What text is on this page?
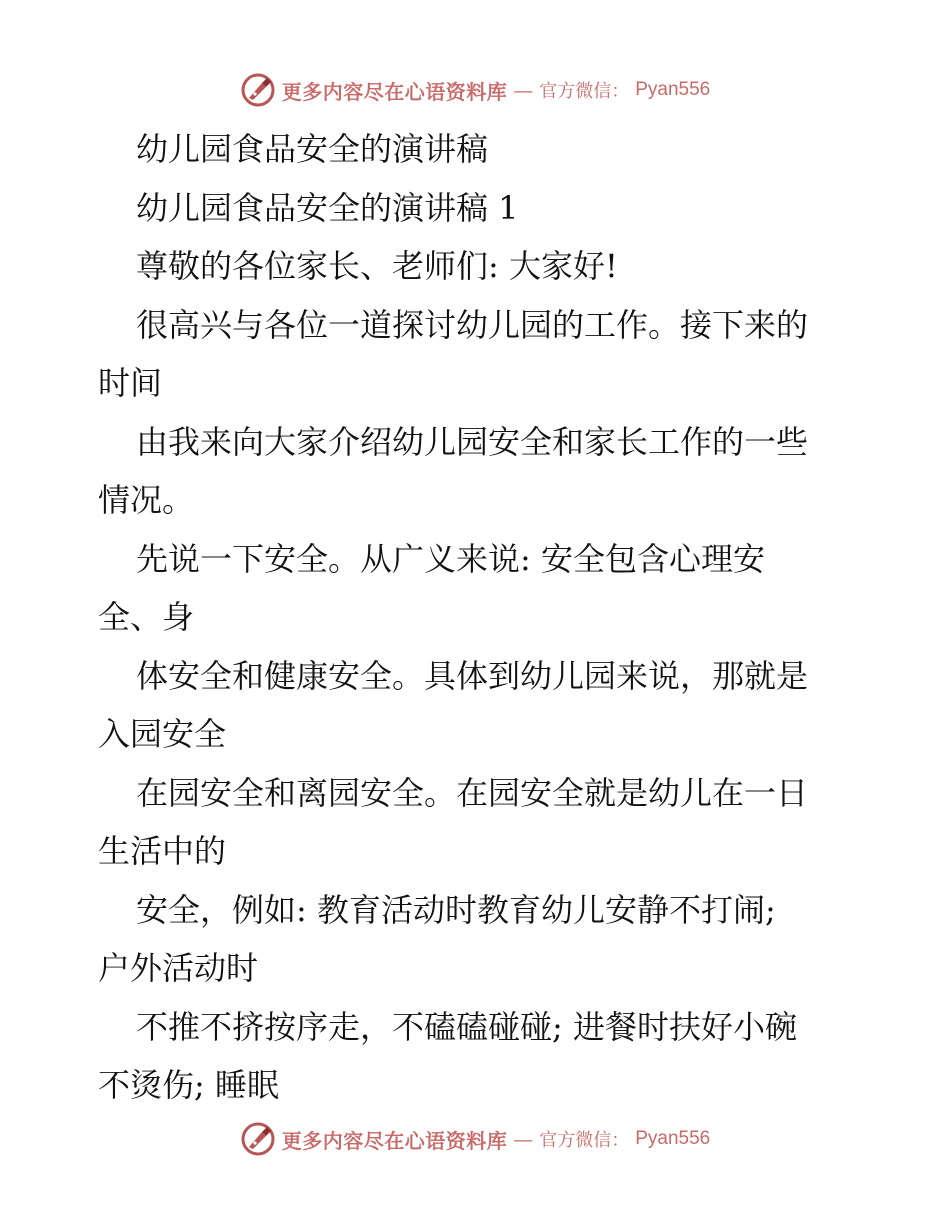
更多内容尽在心语资料库 — 官方微信： Pyan556
幼儿园食品安全的演讲稿
幼儿园食品安全的演讲稿 1
尊敬的各位家长、老师们: 大家好!
很高兴与各位一道探讨幼儿园的工作。接下来的
时间
由我来向大家介绍幼儿园安全和家长工作的一些
情况。
先说一下安全。从广义来说: 安全包含心理安
全、身
体安全和健康安全。具体到幼儿园来说，那就是
入园安全
在园安全和离园安全。在园安全就是幼儿在一日
生活中的
安全，例如: 教育活动时教育幼儿安静不打闹;
户外活动时
不推不挤按序走，不磕磕碰碰; 进餐时扶好小碗
不烫伤; 睡眠
更多内容尽在心语资料库 — 官方微信： Pyan556
